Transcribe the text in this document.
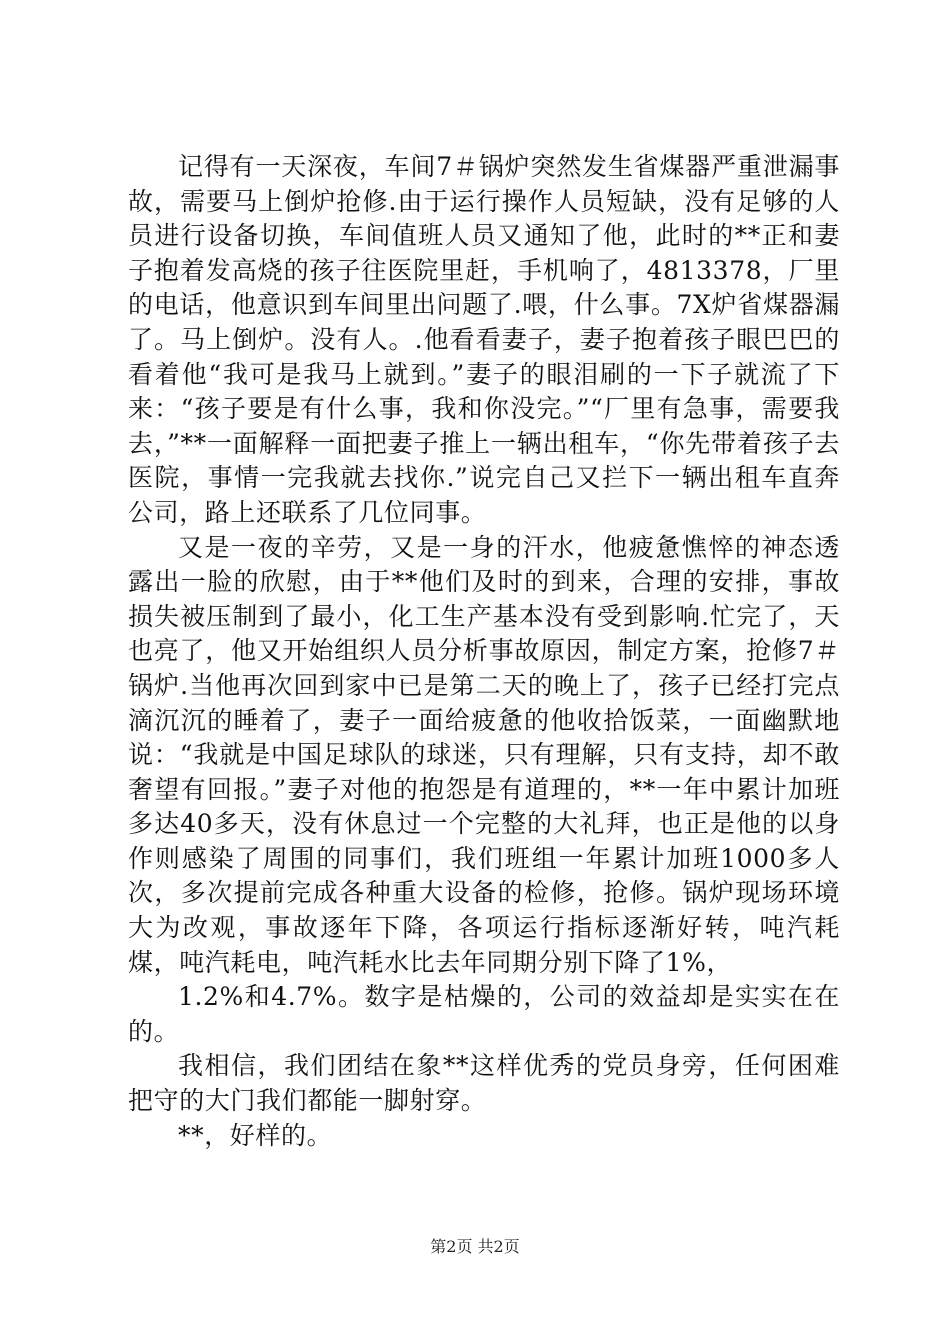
记得有一天深夜，车间7＃锅炉突然发生省煤器严重泄漏事故，需要马上倒炉抢修.由于运行操作人员短缺，没有足够的人员进行设备切换，车间值班人员又通知了他，此时的**正和妻子抱着发高烧的孩子往医院里赶，手机响了，4813378，厂里的电话，他意识到车间里出问题了.喂，什么事。7X炉省煤器漏了。马上倒炉。没有人。.他看看妻子，妻子抱着孩子眼巴巴的看着他“我可是我马上就到。”妻子的眼泪刷的一下子就流了下来：“孩子要是有什么事，我和你没完。”“厂里有急事，需要我去，”**一面解释一面把妻子推上一辆出租车，“你先带着孩子去医院，事情一完我就去找你.”说完自己又拦下一辆出租车直奔公司，路上还联系了几位同事。

又是一夜的辛劳，又是一身的汗水，他疲惫憔悴的神态透露出一脸的欣慰，由于**他们及时的到来，合理的安排，事故损失被压制到了最小，化工生产基本没有受到影响.忙完了，天也亮了，他又开始组织人员分析事故原因，制定方案，抢修7＃锅炉.当他再次回到家中已是第二天的晚上了，孩子已经打完点滴沉沉的睡着了，妻子一面给疲惫的他收拾饭菜，一面幽默地说：“我就是中国足球队的球迷，只有理解，只有支持，却不敢奢望有回报。”妻子对他的抱怨是有道理的，**一年中累计加班多达40多天，没有休息过一个完整的大礼拜，也正是他的以身作则感染了周围的同事们，我们班组一年累计加班1000多人次，多次提前完成各种重大设备的检修，抢修。锅炉现场环境大为改观，事故逐年下降，各项运行指标逐渐好转，吨汽耗煤，吨汽耗电，吨汽耗水比去年同期分别下降了1%，

1.2%和4.7%。数字是枯燥的，公司的效益却是实实在在的。

我相信，我们团结在象**这样优秀的党员身旁，任何困难把守的大门我们都能一脚射穿。

**，好样的。

第2页 共2页
